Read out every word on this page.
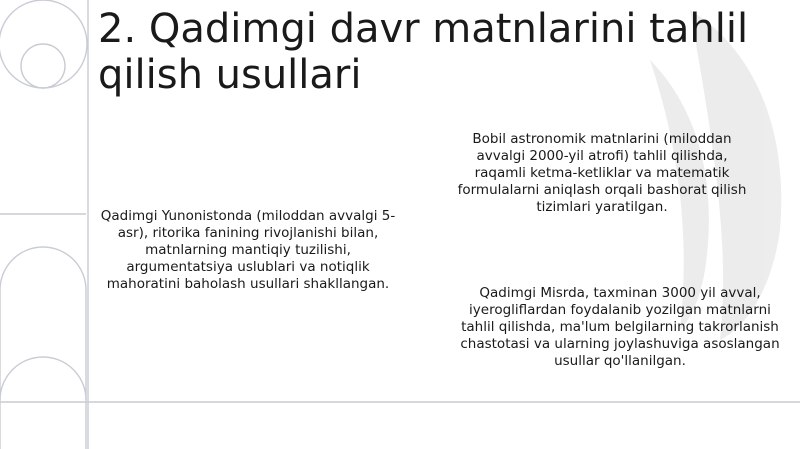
2. Qadimgi davr matnlarini tahlil qilish usullari
Bobil astronomik matnlarini (miloddan avvalgi 2000-yil atrofi) tahlil qilishda, raqamli ketma-ketliklar va matematik formulalarni aniqlash orqali bashorat qilish tizimlari yaratilgan.
Qadimgi Yunonistonda (miloddan avvalgi 5-asr), ritorika fanining rivojlanishi bilan, matnlarning mantiqiy tuzilishi, argumentatsiya uslublari va notiqlik mahoratini baholash usullari shakllangan.
Qadimgi Misrda, taxminan 3000 yil avval, iyerogliflardan foydalanib yozilgan matnlarni tahlil qilishda, ma'lum belgilarning takrorlanish chastotasi va ularning joylashuviga asoslangan usullar qo'llanilgan.
